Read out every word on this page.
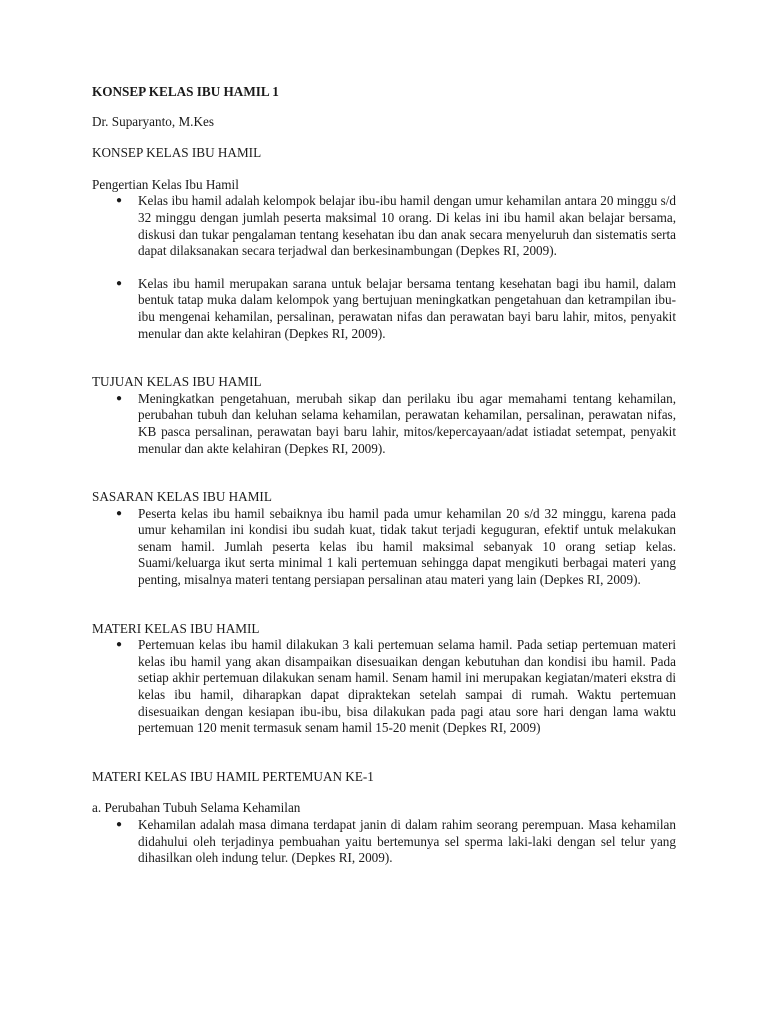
KONSEP KELAS IBU HAMIL 1
Dr. Suparyanto, M.Kes
KONSEP KELAS IBU HAMIL
Pengertian Kelas Ibu Hamil
● Kelas ibu hamil adalah kelompok belajar ibu-ibu hamil dengan umur kehamilan antara 20 minggu s/d 32 minggu dengan jumlah peserta maksimal 10 orang. Di kelas ini ibu hamil akan belajar bersama, diskusi dan tukar pengalaman tentang kesehatan ibu dan anak secara menyeluruh dan sistematis serta dapat dilaksanakan secara terjadwal dan berkesinambungan (Depkes RI, 2009).
● Kelas ibu hamil merupakan sarana untuk belajar bersama tentang kesehatan bagi ibu hamil, dalam bentuk tatap muka dalam kelompok yang bertujuan meningkatkan pengetahuan dan ketrampilan ibu-ibu mengenai kehamilan, persalinan, perawatan nifas dan perawatan bayi baru lahir, mitos, penyakit menular dan akte kelahiran (Depkes RI, 2009).
TUJUAN KELAS IBU HAMIL
● Meningkatkan pengetahuan, merubah sikap dan perilaku ibu agar memahami tentang kehamilan, perubahan tubuh dan keluhan selama kehamilan, perawatan kehamilan, persalinan, perawatan nifas, KB pasca persalinan, perawatan bayi baru lahir, mitos/kepercayaan/adat istiadat setempat, penyakit menular dan akte kelahiran (Depkes RI, 2009).
SASARAN KELAS IBU HAMIL
● Peserta kelas ibu hamil sebaiknya ibu hamil pada umur kehamilan 20 s/d 32 minggu, karena pada umur kehamilan ini kondisi ibu sudah kuat, tidak takut terjadi keguguran, efektif untuk melakukan senam hamil. Jumlah peserta kelas ibu hamil maksimal sebanyak 10 orang setiap kelas. Suami/keluarga ikut serta minimal 1 kali pertemuan sehingga dapat mengikuti berbagai materi yang penting, misalnya materi tentang persiapan persalinan atau materi yang lain (Depkes RI, 2009).
MATERI KELAS IBU HAMIL
● Pertemuan kelas ibu hamil dilakukan 3 kali pertemuan selama hamil. Pada setiap pertemuan materi kelas ibu hamil yang akan disampaikan disesuaikan dengan kebutuhan dan kondisi ibu hamil. Pada setiap akhir pertemuan dilakukan senam hamil. Senam hamil ini merupakan kegiatan/materi ekstra di kelas ibu hamil, diharapkan dapat dipraktekan setelah sampai di rumah. Waktu pertemuan disesuaikan dengan kesiapan ibu-ibu, bisa dilakukan pada pagi atau sore hari dengan lama waktu pertemuan 120 menit termasuk senam hamil 15-20 menit (Depkes RI, 2009)
MATERI KELAS IBU HAMIL PERTEMUAN KE-1
a. Perubahan Tubuh Selama Kehamilan
● Kehamilan adalah masa dimana terdapat janin di dalam rahim seorang perempuan. Masa kehamilan didahului oleh terjadinya pembuahan yaitu bertemunya sel sperma laki-laki dengan sel telur yang dihasilkan oleh indung telur. (Depkes RI, 2009).
